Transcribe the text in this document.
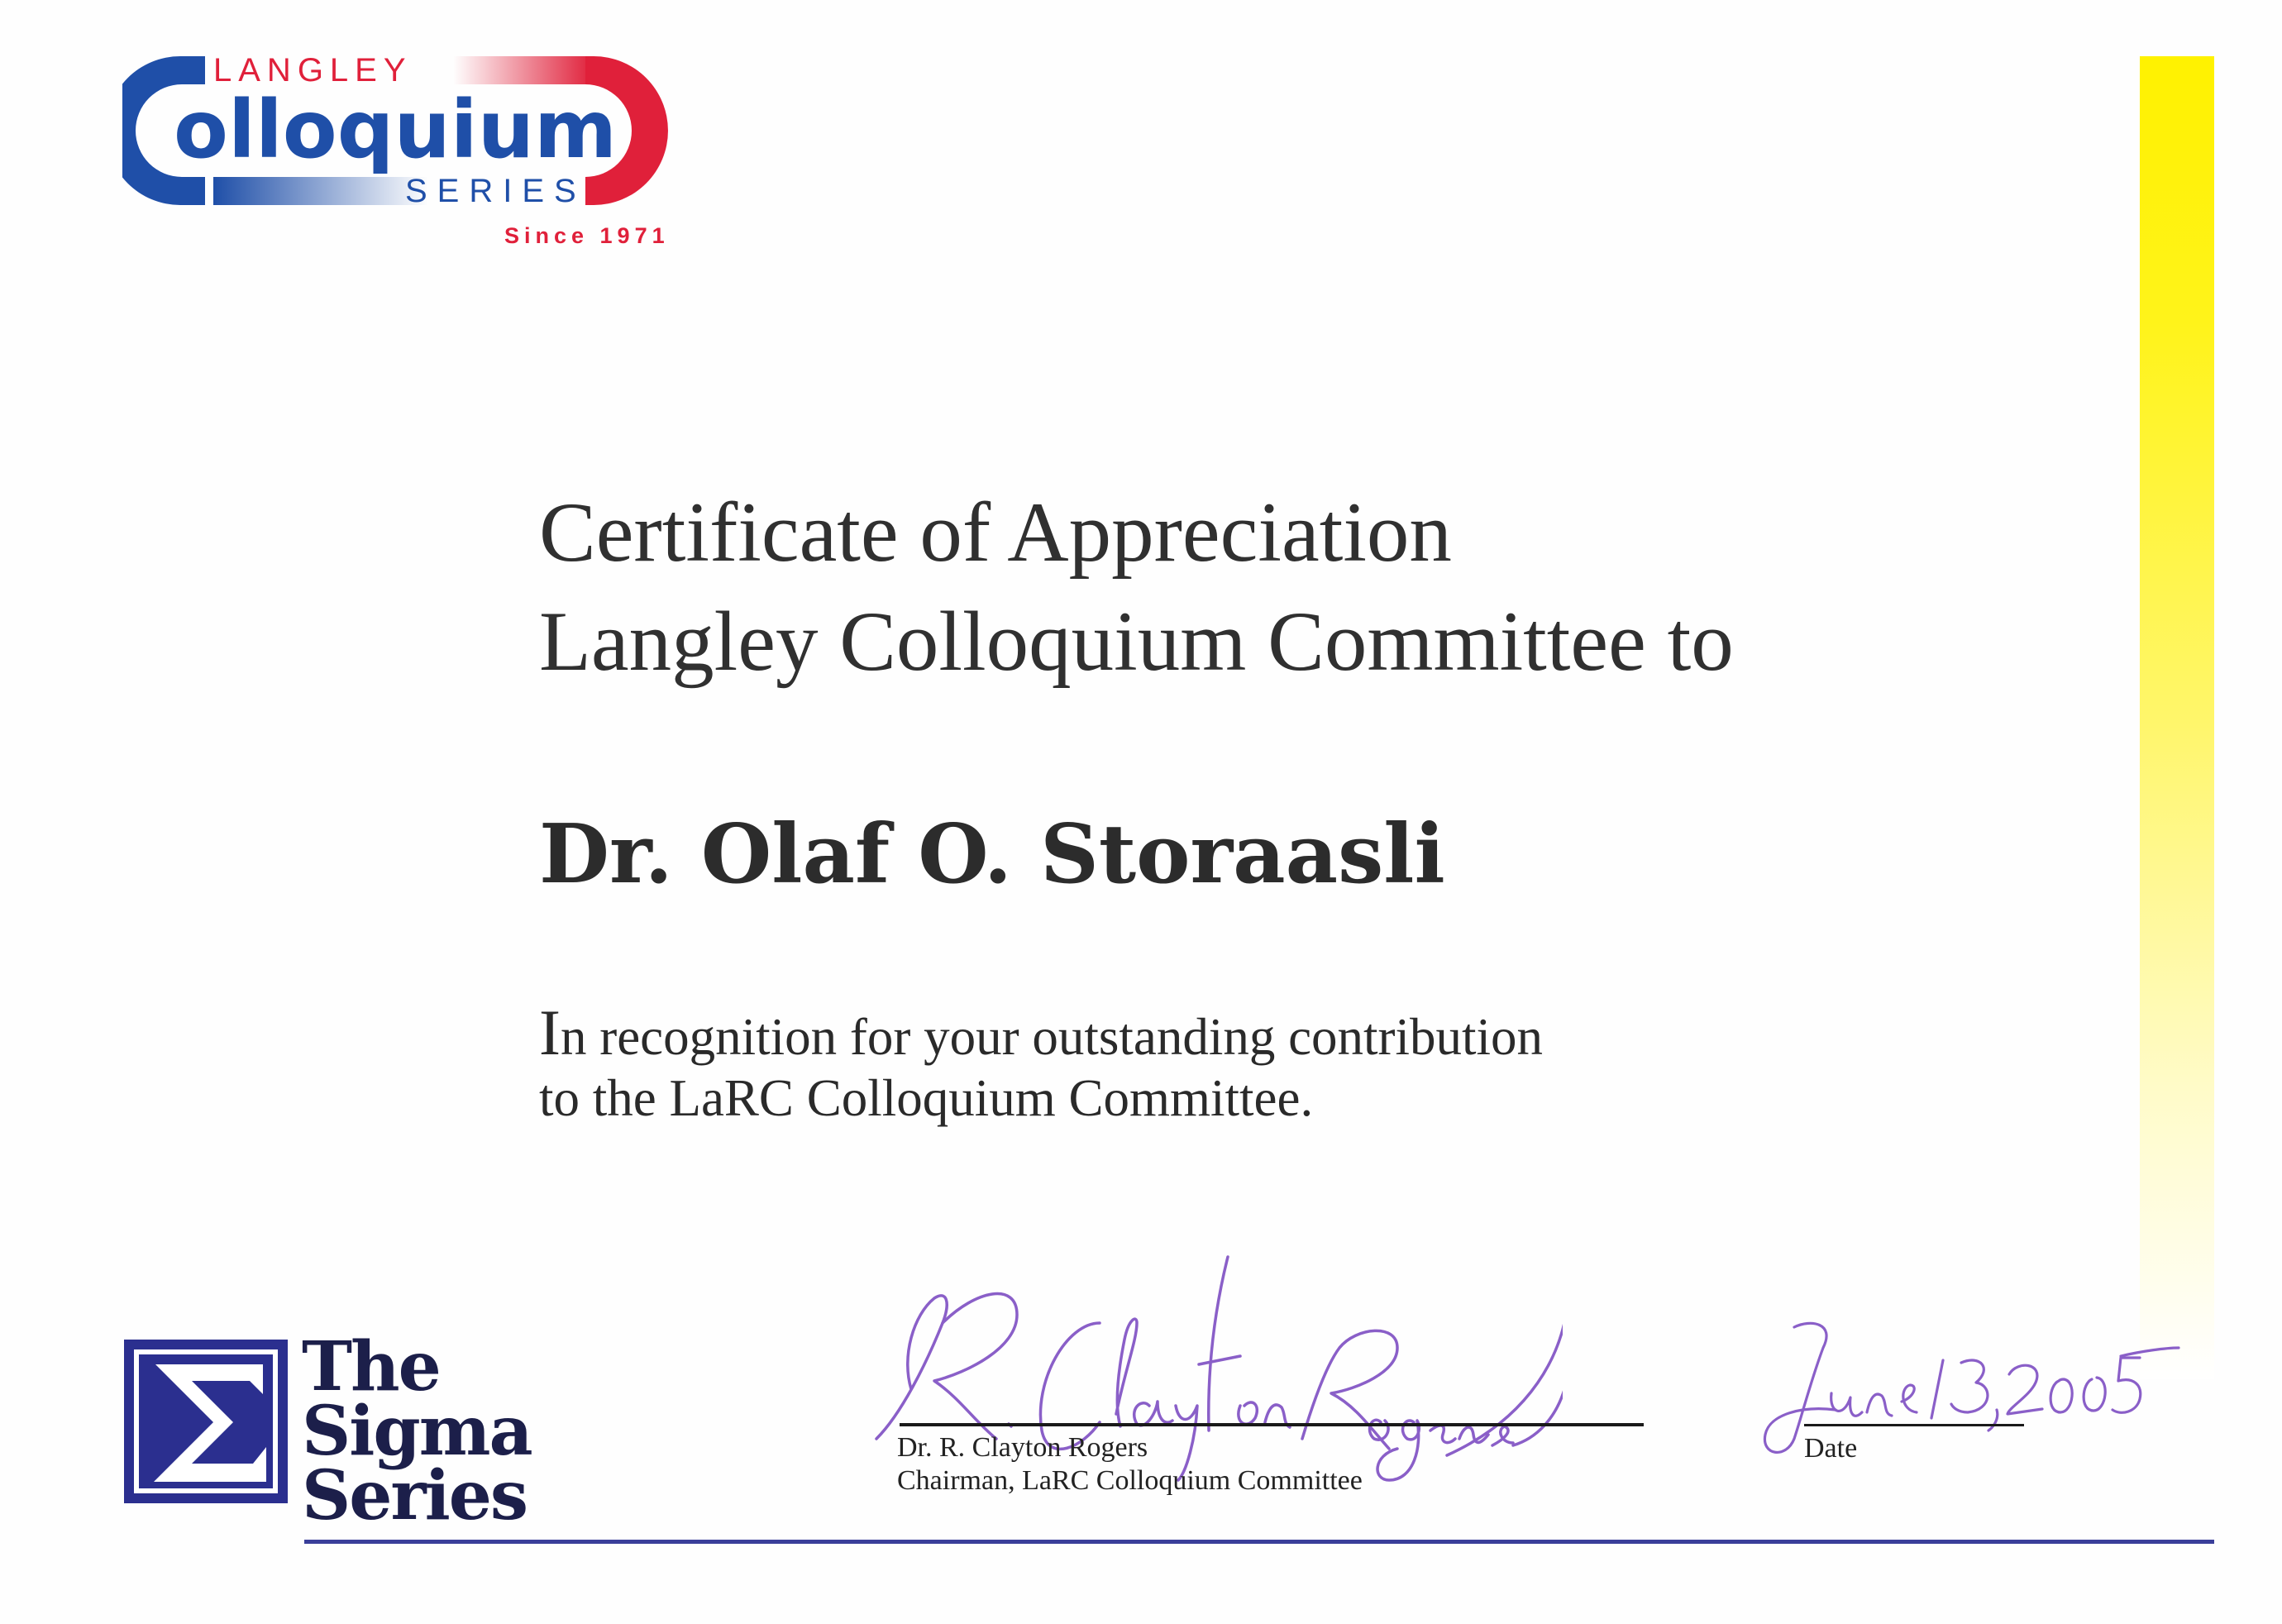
LANGLEY
olloquium
SERIES
Since 1971
Certificate of Appreciation
Langley Colloquium Committee to
Dr. Olaf O. Storaasli
In recognition for your outstanding contribution
to the LaRC Colloquium Committee.
Dr. R. Clayton Rogers
Chairman, LaRC Colloquium Committee
Date
The
Sigma
Series
